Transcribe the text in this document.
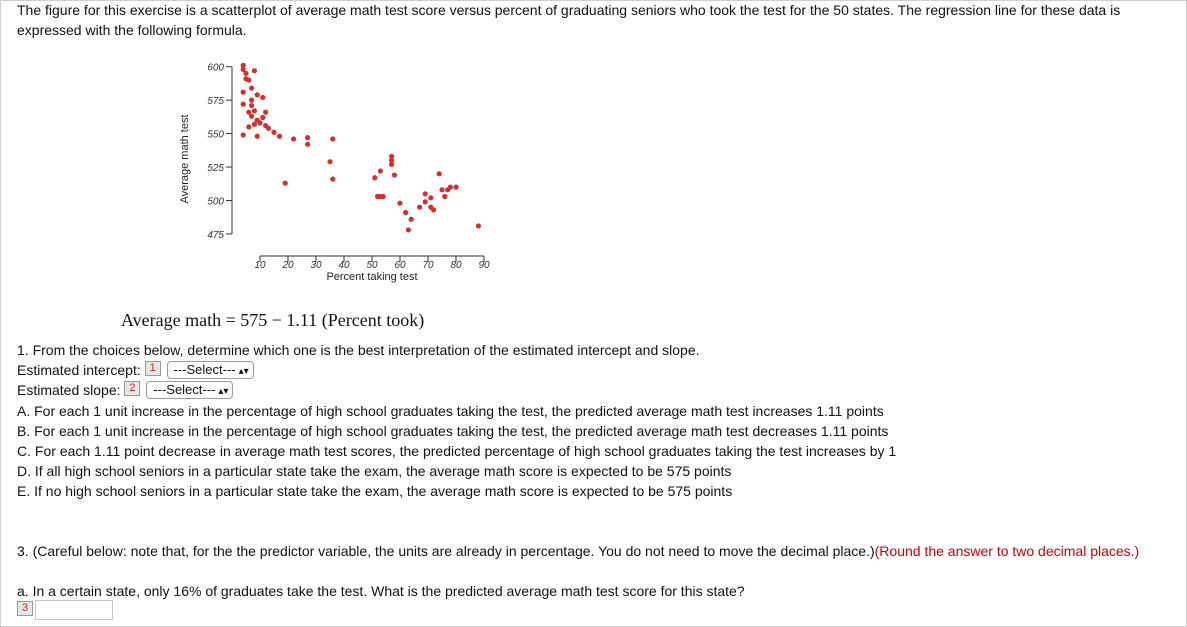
The figure for this exercise is a scatterplot of average math test score versus percent of graduating seniors who took the test for the 50 states. The regression line for these data is expressed with the following formula.
475
500
525
550
575
600
10 20 30 40 50 60 70 80 90
Percent taking test
Average math test
Average math = 575 − 1.11 (Percent took)
1. From the choices below, determine which one is the best interpretation of the estimated intercept and slope.
Estimated intercept: 1 ---Select--- ▴▾
Estimated slope: 2 ---Select--- ▴▾
A. For each 1 unit increase in the percentage of high school graduates taking the test, the predicted average math test increases 1.11 points
B. For each 1 unit increase in the percentage of high school graduates taking the test, the predicted average math test decreases 1.11 points
C. For each 1.11 point decrease in average math test scores, the predicted percentage of high school graduates taking the test increases by 1
D. If all high school seniors in a particular state take the exam, the average math score is expected to be 575 points
E. If no high school seniors in a particular state take the exam, the average math score is expected to be 575 points
3. (Careful below: note that, for the the predictor variable, the units are already in percentage. You do not need to move the decimal place.)(Round the answer to two decimal places.)
a. In a certain state, only 16% of graduates take the test. What is the predicted average math test score for this state?
3
